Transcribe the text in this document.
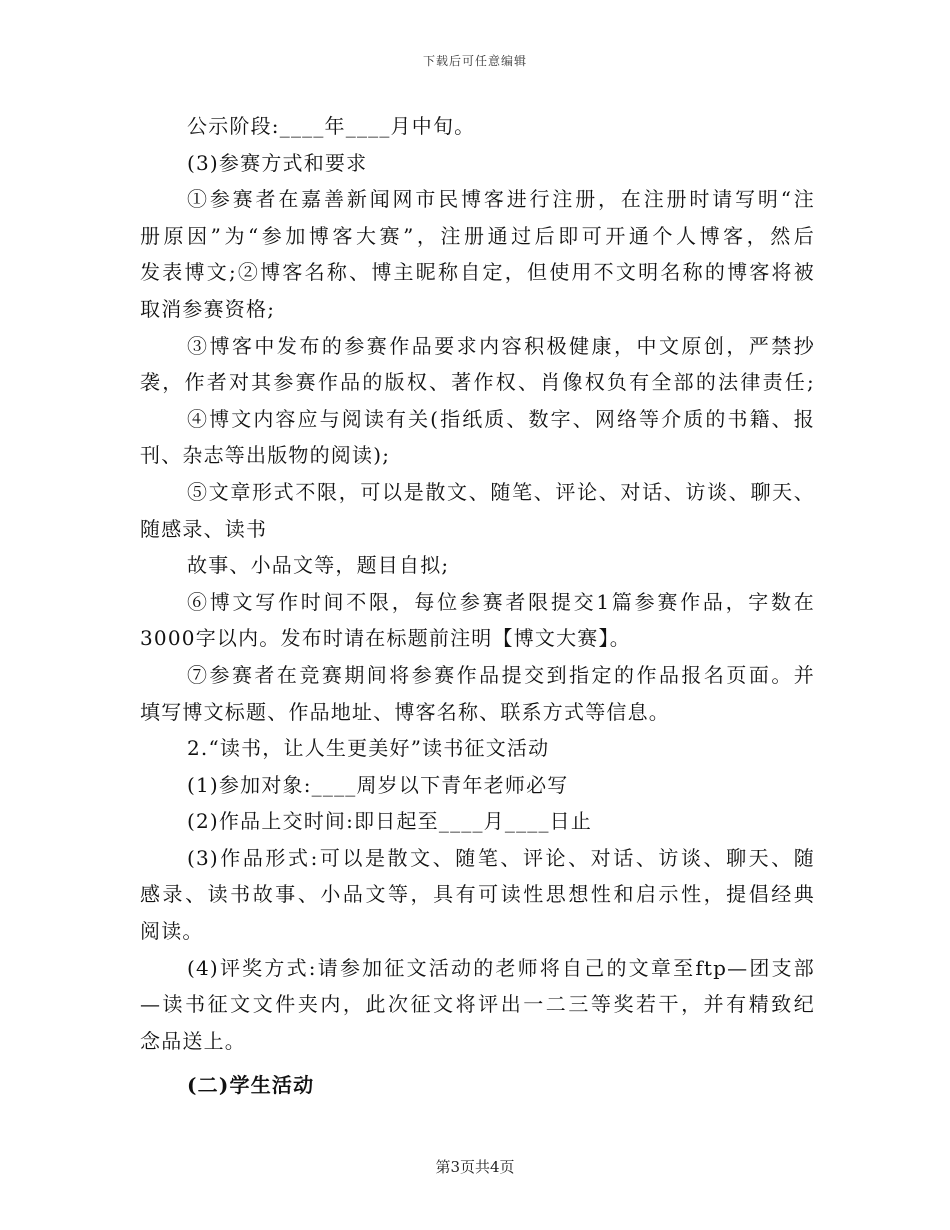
下载后可任意编辑
公示阶段:____年____月中旬。
(3)参赛方式和要求
①参赛者在嘉善新闻网市民博客进行注册，在注册时请写明“注
册原因”为“参加博客大赛”，注册通过后即可开通个人博客，然后
发表博文;②博客名称、博主昵称自定，但使用不文明名称的博客将被
取消参赛资格;
③博客中发布的参赛作品要求内容积极健康，中文原创，严禁抄
袭，作者对其参赛作品的版权、著作权、肖像权负有全部的法律责任;
④博文内容应与阅读有关(指纸质、数字、网络等介质的书籍、报
刊、杂志等出版物的阅读);
⑤文章形式不限，可以是散文、随笔、评论、对话、访谈、聊天、
随感录、读书
故事、小品文等，题目自拟;
⑥博文写作时间不限，每位参赛者限提交1篇参赛作品，字数在
3000字以内。发布时请在标题前注明【博文大赛】。
⑦参赛者在竞赛期间将参赛作品提交到指定的作品报名页面。并
填写博文标题、作品地址、博客名称、联系方式等信息。
2.“读书，让人生更美好”读书征文活动
(1)参加对象:____周岁以下青年老师必写
(2)作品上交时间:即日起至____月____日止
(3)作品形式:可以是散文、随笔、评论、对话、访谈、聊天、随
感录、读书故事、小品文等，具有可读性思想性和启示性，提倡经典
阅读。
(4)评奖方式:请参加征文活动的老师将自己的文章至ftp—团支部
—读书征文文件夹内，此次征文将评出一二三等奖若干，并有精致纪
念品送上。
(二)学生活动
第3页共4页
